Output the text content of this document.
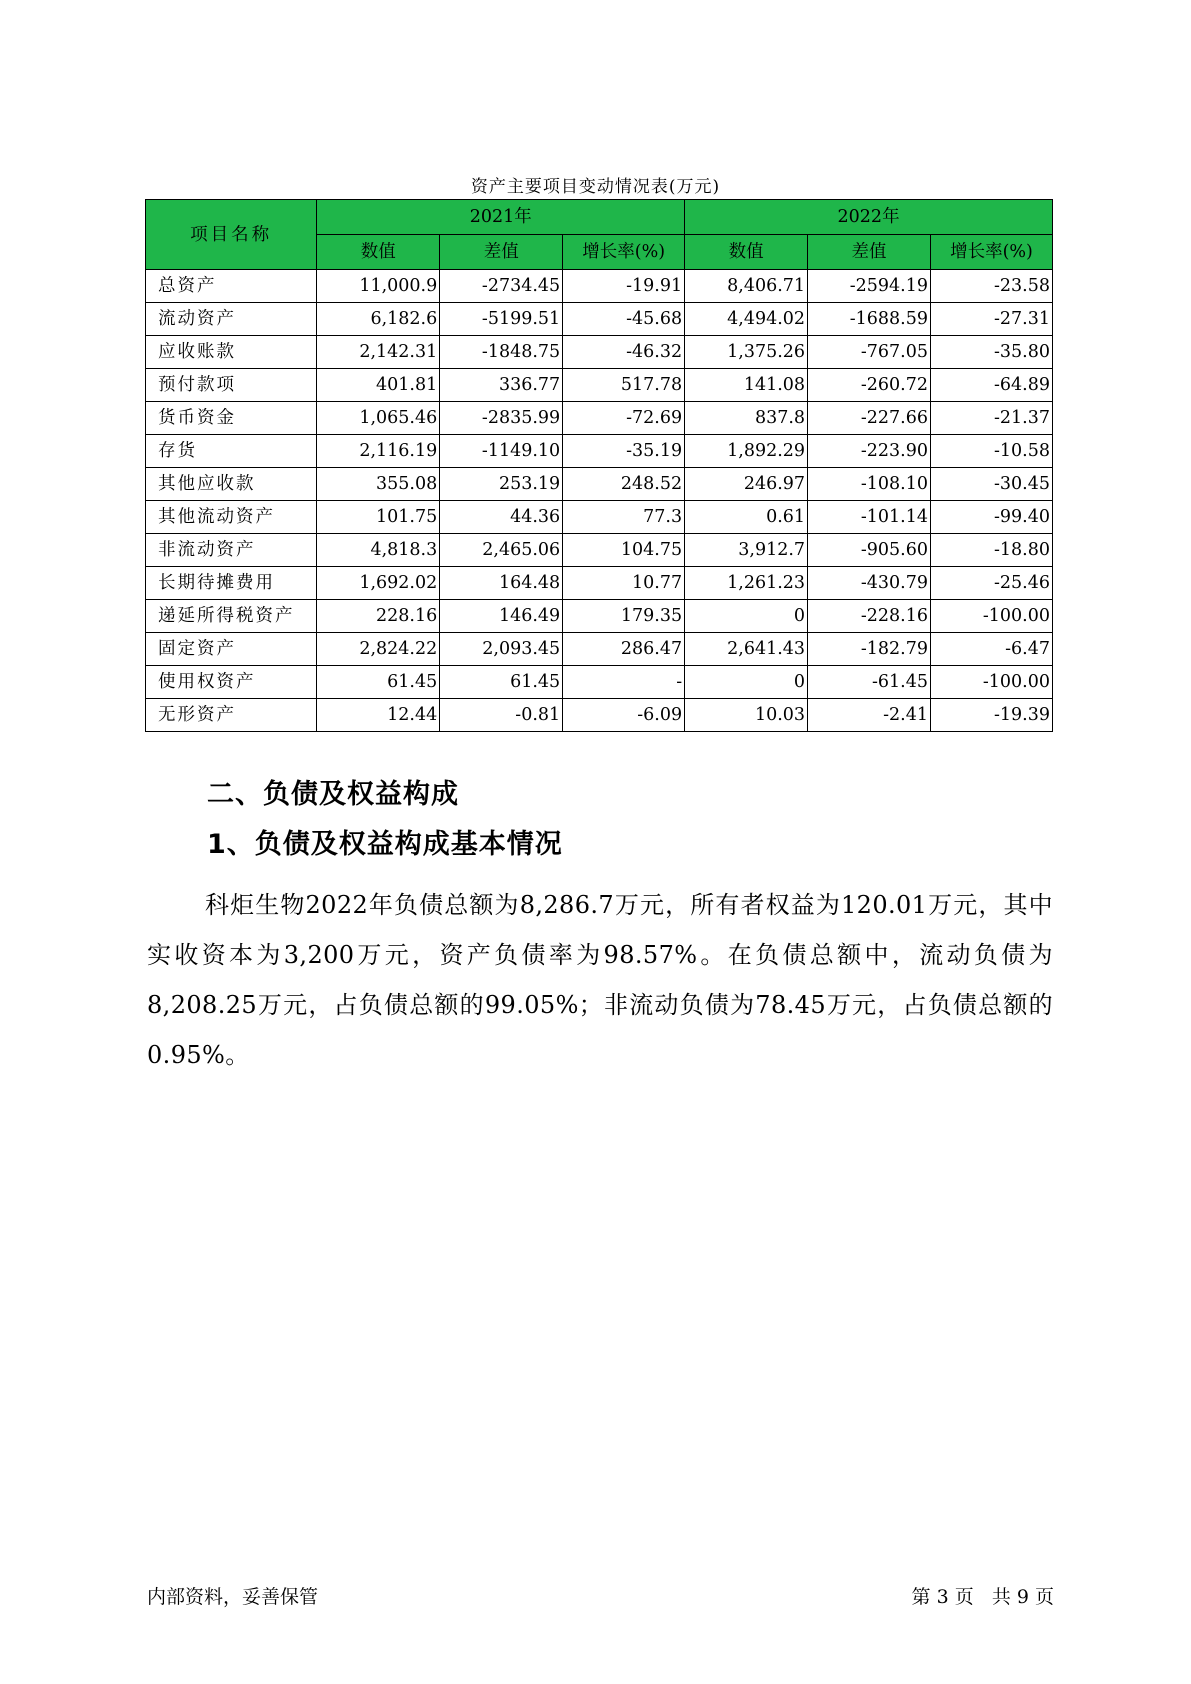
资产主要项目变动情况表(万元)
项目名称	2021年			2022年		
	数值	差值	增长率(%)	数值	差值	增长率(%)
总资产	11,000.9	-2734.45	-19.91	8,406.71	-2594.19	-23.58
流动资产	6,182.6	-5199.51	-45.68	4,494.02	-1688.59	-27.31
应收账款	2,142.31	-1848.75	-46.32	1,375.26	-767.05	-35.80
预付款项	401.81	336.77	517.78	141.08	-260.72	-64.89
货币资金	1,065.46	-2835.99	-72.69	837.8	-227.66	-21.37
存货	2,116.19	-1149.10	-35.19	1,892.29	-223.90	-10.58
其他应收款	355.08	253.19	248.52	246.97	-108.10	-30.45
其他流动资产	101.75	44.36	77.3	0.61	-101.14	-99.40
非流动资产	4,818.3	2,465.06	104.75	3,912.7	-905.60	-18.80
长期待摊费用	1,692.02	164.48	10.77	1,261.23	-430.79	-25.46
递延所得税资产	228.16	146.49	179.35	0	-228.16	-100.00
固定资产	2,824.22	2,093.45	286.47	2,641.43	-182.79	-6.47
使用权资产	61.45	61.45	-	0	-61.45	-100.00
无形资产	12.44	-0.81	-6.09	10.03	-2.41	-19.39
二、负债及权益构成
1、负债及权益构成基本情况
科炬生物2022年负债总额为8,286.7万元，所有者权益为120.01万元，其中实收资本为3,200万元，资产负债率为98.57%。在负债总额中，流动负债为8,208.25万元，占负债总额的99.05%；非流动负债为78.45万元，占负债总额的0.95%。
内部资料，妥善保管	第 3 页   共 9 页
